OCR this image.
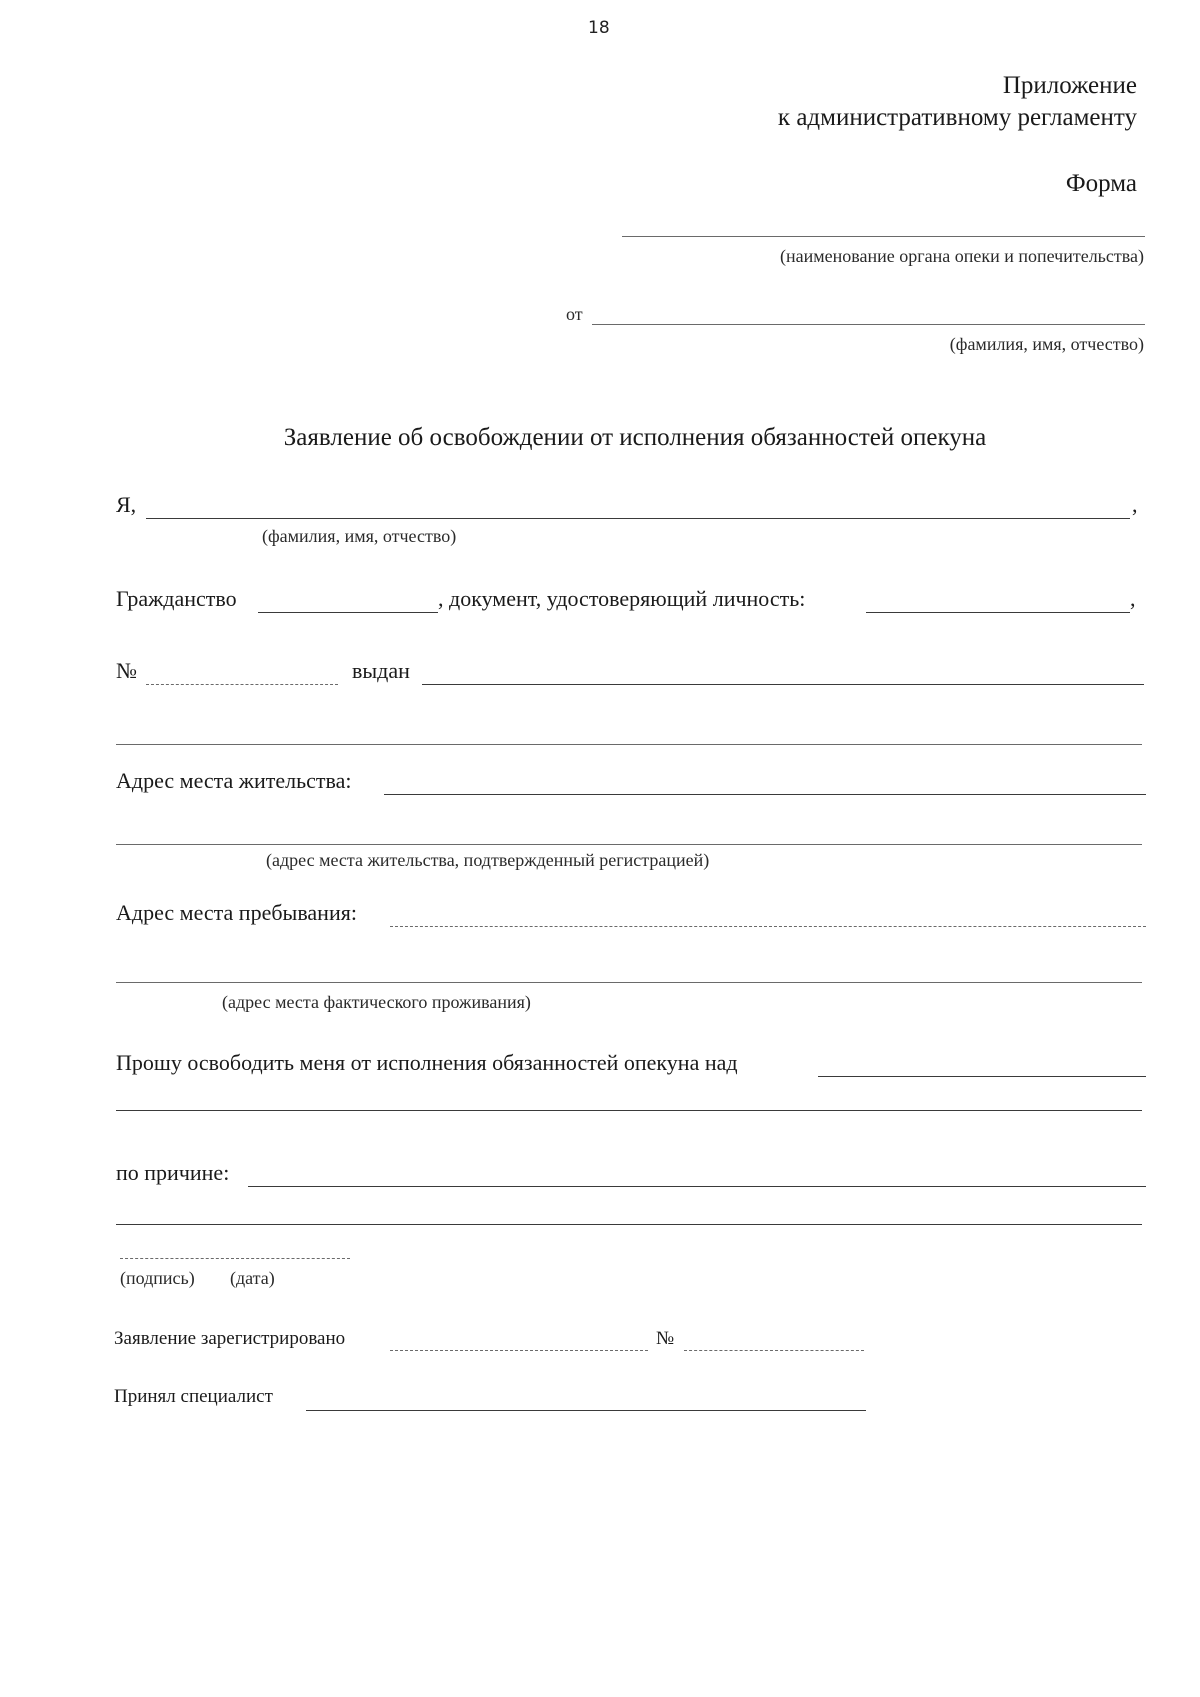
18
Приложение
к административному регламенту
Форма
(наименование органа опеки и попечительства)
от
(фамилия, имя, отчество)
Заявление об освобождении от исполнения обязанностей опекуна
Я,	,
(фамилия, имя, отчество)
Гражданство	, документ, удостоверяющий личность:	,
№	выдан
Адрес места жительства:
(адрес места жительства, подтвержденный регистрацией)
Адрес места пребывания:
(адрес места фактического проживания)
Прошу освободить меня от исполнения обязанностей опекуна над
по причине:
(подпись) (дата)
Заявление зарегистрировано	№
Принял специалист
